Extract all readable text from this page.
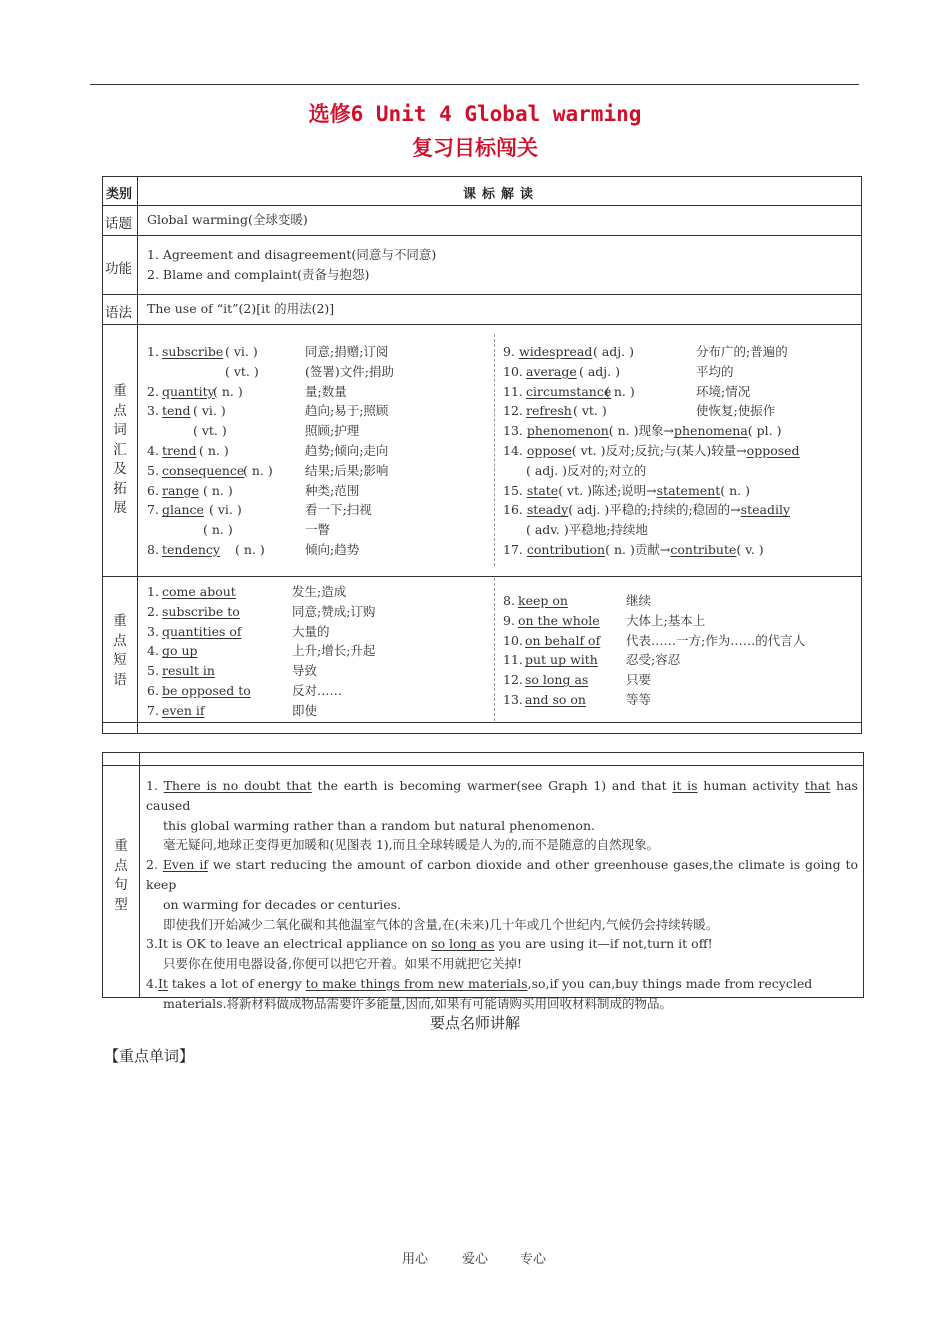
选修6 Unit 4 Global warming
复习目标闯关
类别	课标解读
话题 Global warming(全球变暖)
功能
1. Agreement and disagreement(同意与不同意)
2. Blame and complaint(责备与抱怨)
语法 The use of “it”(2)[it 的用法(2)]
重
点
词
汇
及
拓
展
1. subscribe ( vi. )	同意;捐赠;订阅
( vt. )	(签署)文件;捐助
2. quantity
( n. )	量;数量
3. tend ( vi. )	趋向;易于;照顾
( vt. )	照顾;护理
4. trend ( n. )	趋势;倾向;走向
5. consequence
( n. )	结果;后果;影响
6. range ( n. )	种类;范围
7. glance ( vi. )	看一下;扫视
( n. )	一瞥
8. tendency ( n. )	倾向;趋势
9. widespread ( adj. )	分布广的;普遍的
10. average ( adj. )	平均的
11. circumstance
( n. )	环境;情况
12. refresh ( vt. )	使恢复;使振作
13. phenomenon( n. )现象→phenomena( pl. )
14. oppose( vt. )反对;反抗;与(某人)较量→opposed
( adj. )反对的;对立的
15. state( vt. )陈述;说明→statement( n. )
16. steady( adj. )平稳的;持续的;稳固的→steadily
( adv. )平稳地;持续地
17. contribution( n. )贡献→contribute( v. )
重
点
短
语
1. come about	发生;造成
2. subscribe to	同意;赞成;订购
3. quantities of	大量的
4. go up	上升;增长;升起
5. result in	导致
6. be opposed to	反对……
7. even if	即使
8. keep on	继续
9. on the whole 大体上;基本上
10. on behalf of 代表……一方;作为……的代言人
11. put up with 忍受;容忍
12. so long as	只要
13. and so on	等等
重
点
句
型
1. There is no doubt that the earth is becoming warmer(see Graph 1) and that it is human activity that has caused
this global warming rather than a random but natural phenomenon.
毫无疑问,地球正变得更加暖和(见图表 1),而且全球转暖是人为的,而不是随意的自然现象。
2. Even if we start reducing the amount of carbon dioxide and other greenhouse gases,the climate is going to keep
on warming for decades or centuries.
即使我们开始减少二氧化碳和其他温室气体的含量,在(未来)几十年或几个世纪内,气候仍会持续转暖。
3.It is OK to leave an electrical appliance on so long as you are using it—if not,turn it off!
只要你在使用电器设备,你便可以把它开着。如果不用就把它关掉!
4.It takes a lot of energy to make things from new materials,so,if you can,buy things made from recycled
materials.将新材料做成物品需要许多能量,因而,如果有可能请购买用回收材料制成的物品。
要点名师讲解
【重点单词】
用心	爱心 专心
